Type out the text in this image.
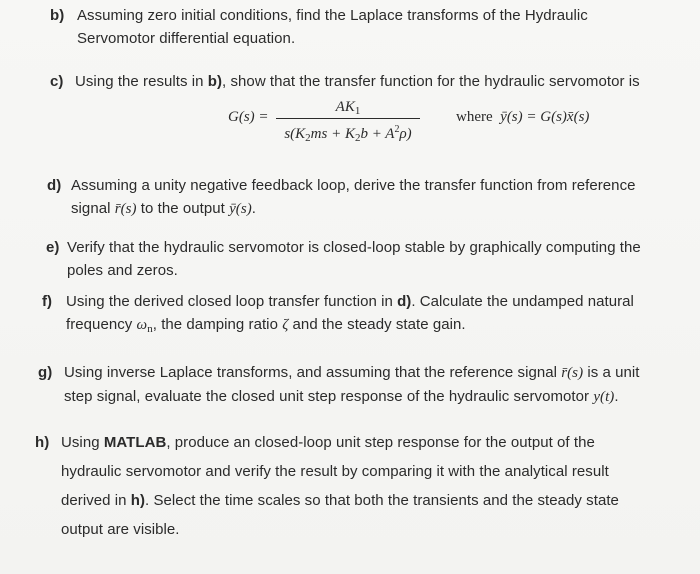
b) Assuming zero initial conditions, find the Laplace transforms of the Hydraulic
Servomotor differential equation.
c) Using the results in b), show that the transfer function for the hydraulic servomotor is
G(s) =
$AK_1$
$s(K_2ms + K_2b + A^2\rho)$
where ȳ(s) = G(s)x̄(s)
d) Assuming a unity negative feedback loop, derive the transfer function from reference
signal r̄(s) to the output ȳ(s).
e) Verify that the hydraulic servomotor is closed-loop stable by graphically computing the
poles and zeros.
f) Using the derived closed loop transfer function in d). Calculate the undamped natural
frequency $\omega_n$, the damping ratio ζ and the steady state gain.
g) Using inverse Laplace transforms, and assuming that the reference signal r̄(s) is a unit
step signal, evaluate the closed unit step response of the hydraulic servomotor y(t).
h) Using MATLAB, produce an closed-loop unit step response for the output of the
hydraulic servomotor and verify the result by comparing it with the analytical result
derived in h). Select the time scales so that both the transients and the steady state
output are visible.
